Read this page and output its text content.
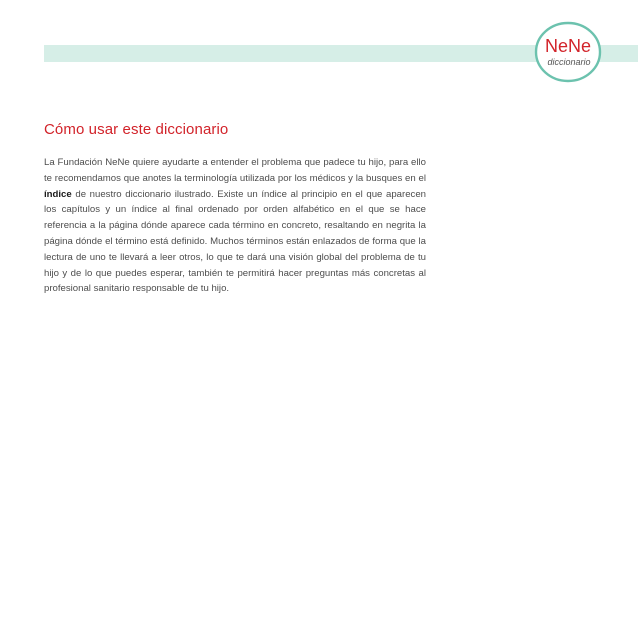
NeNe
diccionario
Cómo usar este diccionario

La Fundación NeNe quiere ayudarte a entender el problema que padece tu hijo, para ello te recomendamos que anotes la terminología utilizada por los médicos y la busques en el índice de nuestro diccionario ilustrado. Existe un índice al principio en el que aparecen los capítulos y un índice al final ordenado por orden alfabético en el que se hace referencia a la página dónde aparece cada término en concreto, resaltando en negrita la página dónde el término está definido. Muchos términos están enlazados de forma que la lectura de uno te llevará a leer otros, lo que te dará una visión global del problema de tu hijo y de lo que puedes esperar, también te permitirá hacer preguntas más concretas al profesional sanitario responsable de tu hijo.
